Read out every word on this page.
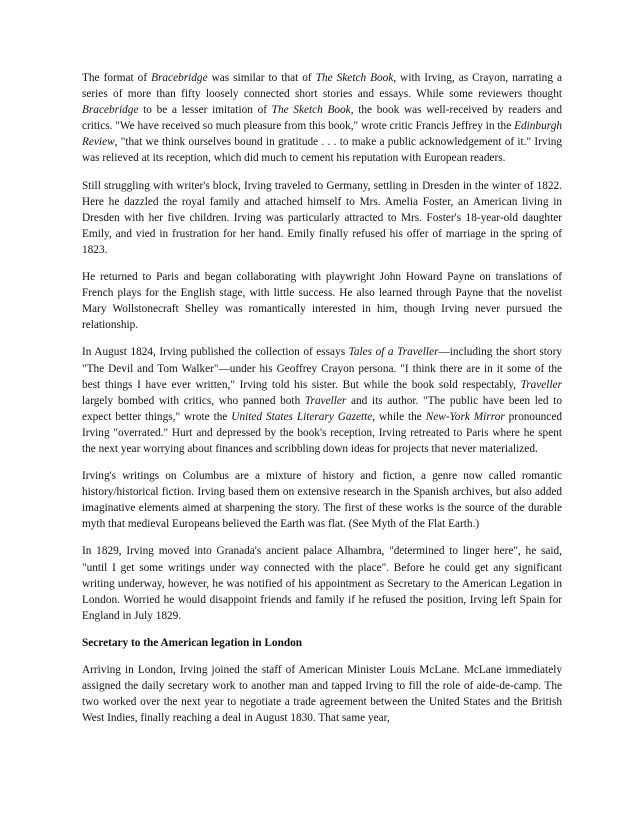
The format of Bracebridge was similar to that of The Sketch Book, with Irving, as Crayon, narrating a series of more than fifty loosely connected short stories and essays. While some reviewers thought Bracebridge to be a lesser imitation of The Sketch Book, the book was well-received by readers and critics. "We have received so much pleasure from this book," wrote critic Francis Jeffrey in the Edinburgh Review, "that we think ourselves bound in gratitude . . . to make a public acknowledgement of it." Irving was relieved at its reception, which did much to cement his reputation with European readers.

Still struggling with writer's block, Irving traveled to Germany, settling in Dresden in the winter of 1822. Here he dazzled the royal family and attached himself to Mrs. Amelia Foster, an American living in Dresden with her five children. Irving was particularly attracted to Mrs. Foster's 18-year-old daughter Emily, and vied in frustration for her hand. Emily finally refused his offer of marriage in the spring of 1823.

He returned to Paris and began collaborating with playwright John Howard Payne on translations of French plays for the English stage, with little success. He also learned through Payne that the novelist Mary Wollstonecraft Shelley was romantically interested in him, though Irving never pursued the relationship.

In August 1824, Irving published the collection of essays Tales of a Traveller—including the short story "The Devil and Tom Walker"—under his Geoffrey Crayon persona. "I think there are in it some of the best things I have ever written," Irving told his sister. But while the book sold respectably, Traveller largely bombed with critics, who panned both Traveller and its author. "The public have been led to expect better things," wrote the United States Literary Gazette, while the New-York Mirror pronounced Irving "overrated." Hurt and depressed by the book's reception, Irving retreated to Paris where he spent the next year worrying about finances and scribbling down ideas for projects that never materialized.

Irving's writings on Columbus are a mixture of history and fiction, a genre now called romantic history/historical fiction. Irving based them on extensive research in the Spanish archives, but also added imaginative elements aimed at sharpening the story. The first of these works is the source of the durable myth that medieval Europeans believed the Earth was flat. (See Myth of the Flat Earth.)

In 1829, Irving moved into Granada's ancient palace Alhambra, "determined to linger here", he said, "until I get some writings under way connected with the place". Before he could get any significant writing underway, however, he was notified of his appointment as Secretary to the American Legation in London. Worried he would disappoint friends and family if he refused the position, Irving left Spain for England in July 1829.

Secretary to the American legation in London

Arriving in London, Irving joined the staff of American Minister Louis McLane. McLane immediately assigned the daily secretary work to another man and tapped Irving to fill the role of aide-de-camp. The two worked over the next year to negotiate a trade agreement between the United States and the British West Indies, finally reaching a deal in August 1830. That same year,
